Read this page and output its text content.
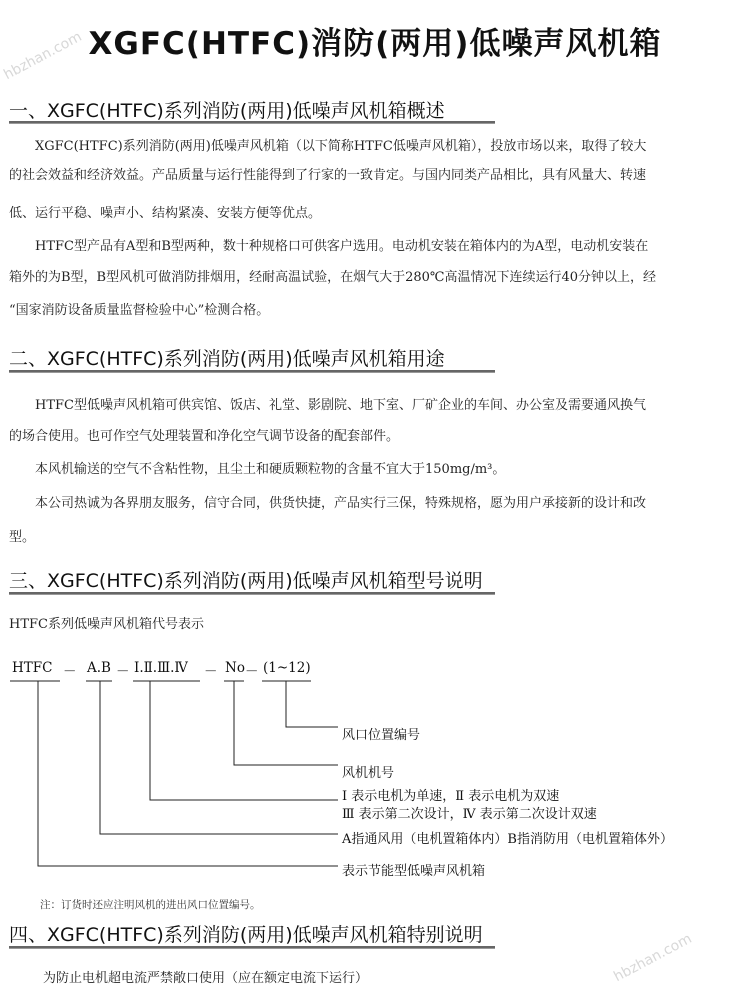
XGFC(HTFC)消防(两用)低噪声风机箱
一、XGFC(HTFC)系列消防(两用)低噪声风机箱概述
XGFC(HTFC)系列消防(两用)低噪声风机箱（以下简称HTFC低噪声风机箱），投放市场以来，取得了较大
的社会效益和经济效益。产品质量与运行性能得到了行家的一致肯定。与国内同类产品相比，具有风量大、转速
低、运行平稳、噪声小、结构紧凑、安装方便等优点。
HTFC型产品有A型和B型两种，数十种规格口可供客户选用。电动机安装在箱体内的为A型，电动机安装在
箱外的为B型，B型风机可做消防排烟用，经耐高温试验，在烟气大于280℃高温情况下连续运行40分钟以上，经
“国家消防设备质量监督检验中心”检测合格。
二、XGFC(HTFC)系列消防(两用)低噪声风机箱用途
HTFC型低噪声风机箱可供宾馆、饭店、礼堂、影剧院、地下室、厂矿企业的车间、办公室及需要通风换气
的场合使用。也可作空气处理装置和净化空气调节设备的配套部件。
本风机输送的空气不含粘性物，且尘土和硬质颗粒物的含量不宜大于150mg/m³。
本公司热诚为各界朋友服务，信守合同，供货快捷，产品实行三保，特殊规格，愿为用户承接新的设计和改
型。
三、XGFC(HTFC)系列消防(两用)低噪声风机箱型号说明
HTFC系列低噪声风机箱代号表示
HTFC － A.B － Ⅰ.Ⅱ.Ⅲ.Ⅳ － No － (1~12)
风口位置编号
风机机号
Ⅰ 表示电机为单速，Ⅱ 表示电机为双速
Ⅲ 表示第二次设计，Ⅳ 表示第二次设计双速
A指通风用（电机置箱体内）B指消防用（电机置箱体外）
表示节能型低噪声风机箱
注：订货时还应注明风机的进出风口位置编号。
四、XGFC(HTFC)系列消防(两用)低噪声风机箱特别说明
为防止电机超电流严禁敞口使用（应在额定电流下运行）
hbzhan.com
hbzhan.com
